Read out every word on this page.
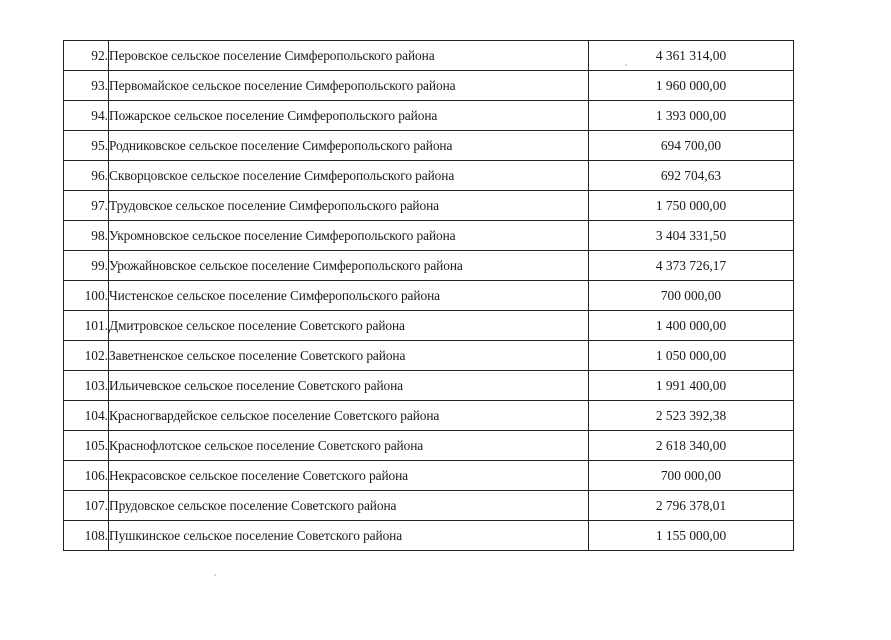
92.	Перовское сельское поселение Симферопольского района	4 361 314,00
93.	Первомайское сельское поселение Симферопольского района	1 960 000,00
94.	Пожарское сельское поселение Симферопольского района	1 393 000,00
95.	Родниковское сельское поселение Симферопольского района	694 700,00
96.	Скворцовское сельское поселение Симферопольского района	692 704,63
97.	Трудовское сельское поселение Симферопольского района	1 750 000,00
98.	Укромновское сельское поселение Симферопольского района	3 404 331,50
99.	Урожайновское сельское поселение Симферопольского района	4 373 726,17
100.	Чистенское сельское поселение Симферопольского района	700 000,00
101.	Дмитровское сельское поселение Советского района	1 400 000,00
102.	Заветненское сельское поселение Советского района	1 050 000,00
103.	Ильичевское сельское поселение Советского района	1 991 400,00
104.	Красногвардейское сельское поселение Советского района	2 523 392,38
105.	Краснофлотское сельское поселение Советского района	2 618 340,00
106.	Некрасовское сельское поселение Советского района	700 000,00
107.	Прудовское сельское поселение Советского района	2 796 378,01
108.	Пушкинское сельское поселение Советского района	1 155 000,00
